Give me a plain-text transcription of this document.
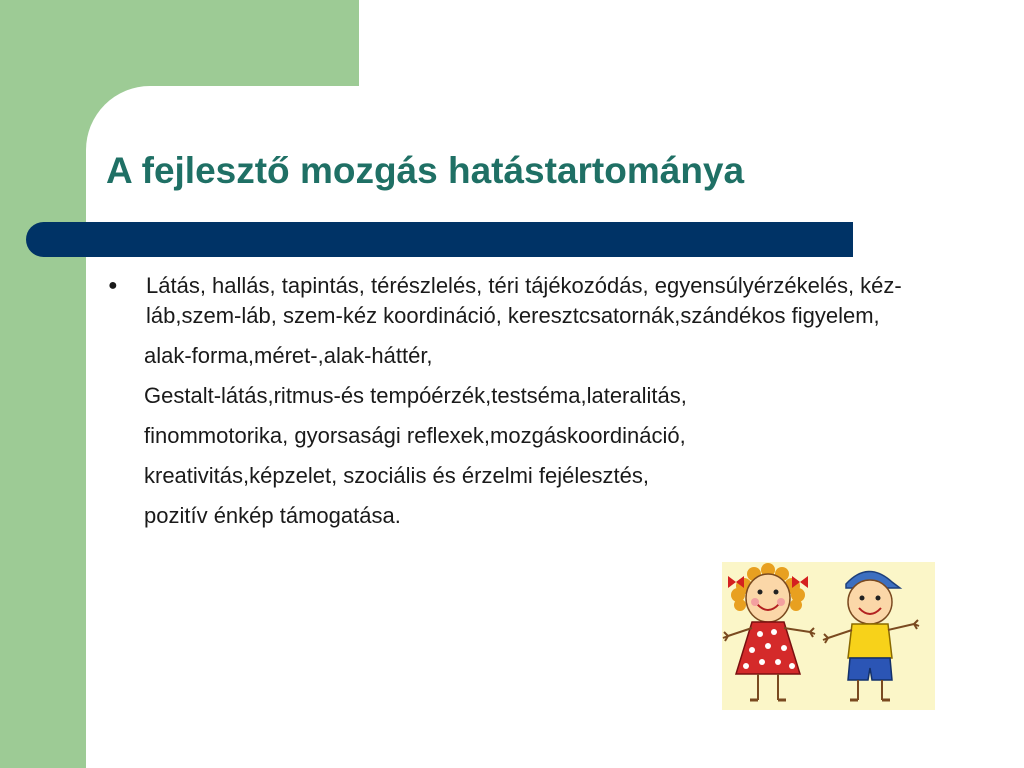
A fejlesztő mozgás hatástartománya
●	Látás, hallás, tapintás, térészlelés, téri tájékozódás, egyensúlyérzékelés, kéz-láb,szem-láb, szem-kéz koordináció, keresztcsatornák,szándékos figyelem,
alak-forma,méret-,alak-háttér,
Gestalt-látás,ritmus-és tempóérzék,testséma,lateralitás,
finommotorika, gyorsasági reflexek,mozgáskoordináció,
kreativitás,képzelet, szociális és érzelmi fejélesztés,
pozitív énkép támogatása.
